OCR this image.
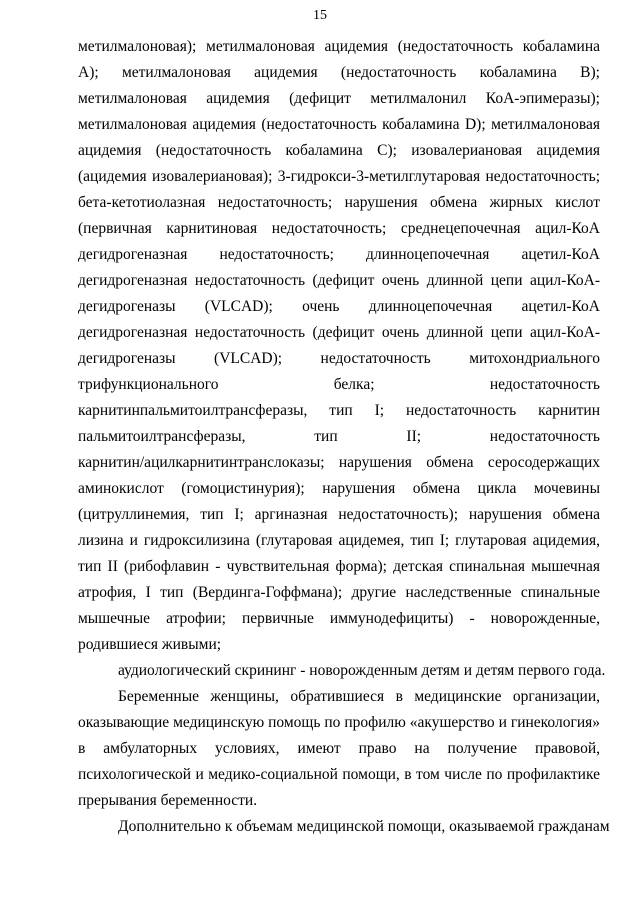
15
метилмалоновая); метилмалоновая ацидемия (недостаточность кобаламина
А); метилмалоновая ацидемия (недостаточность кобаламина В);
метилмалоновая ацидемия (дефицит метилмалонил КоА-эпимеразы);
метилмалоновая ацидемия (недостаточность кобаламина D); метилмалоновая
ацидемия (недостаточность кобаламина С); изовалериановая ацидемия
(ацидемия изовалериановая); 3-гидрокси-3-метилглутаровая недостаточность;
бета-кетотиолазная недостаточность; нарушения обмена жирных кислот
(первичная карнитиновая недостаточность; среднецепочечная ацил-КоА
дегидрогеназная недостаточность; длинноцепочечная ацетил-КоА
дегидрогеназная недостаточность (дефицит очень длинной цепи ацил-КоА-
дегидрогеназы (VLCAD); очень длинноцепочечная ацетил-КоА
дегидрогеназная недостаточность (дефицит очень длинной цепи ацил-КоА-
дегидрогеназы (VLCAD); недостаточность митохондриального
трифункционального белка; недостаточность
карнитинпальмитоилтрансферазы, тип I; недостаточность карнитин
пальмитоилтрансферазы, тип II; недостаточность
карнитин/ацилкарнитинтранслоказы; нарушения обмена серосодержащих
аминокислот (гомоцистинурия); нарушения обмена цикла мочевины
(цитруллинемия, тип I; аргиназная недостаточность); нарушения обмена
лизина и гидроксилизина (глутаровая ацидемея, тип I; глутаровая ацидемия,
тип II (рибофлавин - чувствительная форма); детская спинальная мышечная
атрофия, I тип (Вердинга-Гоффмана); другие наследственные спинальные
мышечные атрофии; первичные иммунодефициты) - новорожденные,
родившиеся живыми;
аудиологический скрининг - новорожденным детям и детям первого года.
Беременные женщины, обратившиеся в медицинские организации,
оказывающие медицинскую помощь по профилю «акушерство и гинекология»
в амбулаторных условиях, имеют право на получение правовой,
психологической и медико-социальной помощи, в том числе по профилактике
прерывания беременности.
Дополнительно к объемам медицинской помощи, оказываемой гражданам
